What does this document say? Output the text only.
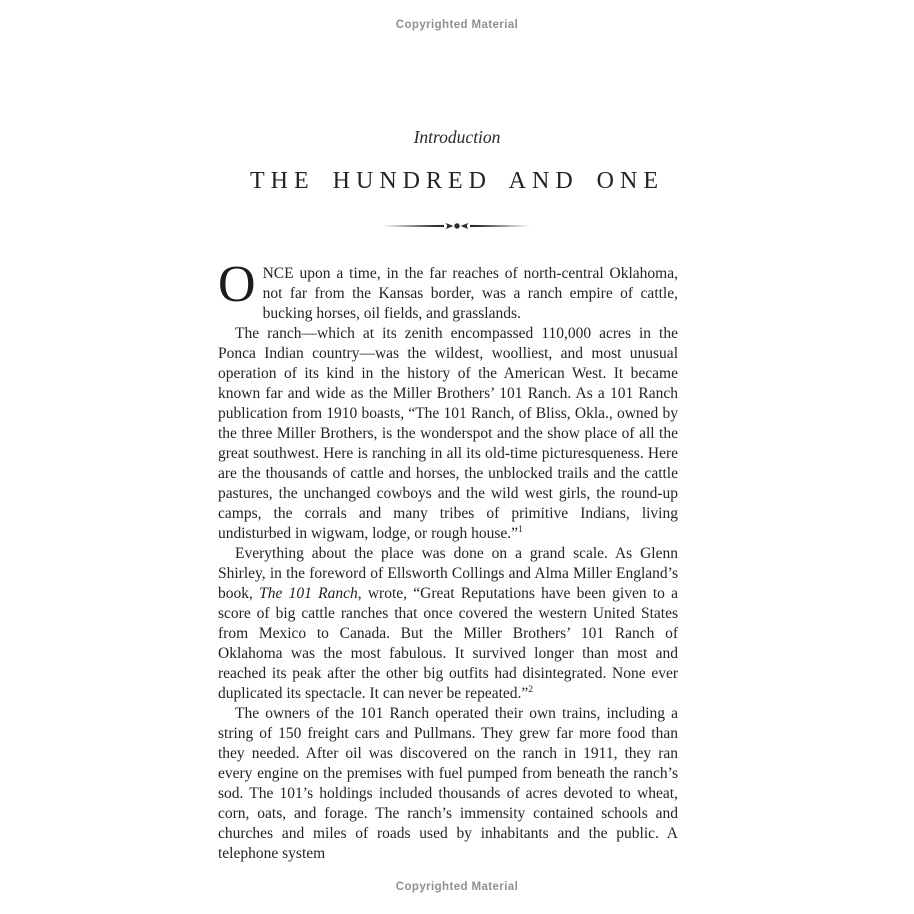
Copyrighted Material
Introduction
THE HUNDRED AND ONE

ONCE upon a time, in the far reaches of north-central Oklahoma, not far from the Kansas border, was a ranch empire of cattle, bucking horses, oil fields, and grasslands.

The ranch—which at its zenith encompassed 110,000 acres in the Ponca Indian country—was the wildest, woolliest, and most unusual operation of its kind in the history of the American West. It became known far and wide as the Miller Brothers’ 101 Ranch. As a 101 Ranch publication from 1910 boasts, “The 101 Ranch, of Bliss, Okla., owned by the three Miller Brothers, is the wonderspot and the show place of all the great southwest. Here is ranching in all its old-time picturesqueness. Here are the thousands of cattle and horses, the unblocked trails and the cattle pastures, the unchanged cowboys and the wild west girls, the round-up camps, the corrals and many tribes of primitive Indians, living undisturbed in wigwam, lodge, or rough house.”$^1$

Everything about the place was done on a grand scale. As Glenn Shirley, in the foreword of Ellsworth Collings and Alma Miller England’s book, The 101 Ranch, wrote, “Great Reputations have been given to a score of big cattle ranches that once covered the western United States from Mexico to Canada. But the Miller Brothers’ 101 Ranch of Oklahoma was the most fabulous. It survived longer than most and reached its peak after the other big outfits had disintegrated. None ever duplicated its spectacle. It can never be repeated.”$^2$

The owners of the 101 Ranch operated their own trains, including a string of 150 freight cars and Pullmans. They grew far more food than they needed. After oil was discovered on the ranch in 1911, they ran every engine on the premises with fuel pumped from beneath the ranch’s sod. The 101’s holdings included thousands of acres devoted to wheat, corn, oats, and forage. The ranch’s immensity contained schools and churches and miles of roads used by inhabitants and the public. A telephone system

Copyrighted Material
